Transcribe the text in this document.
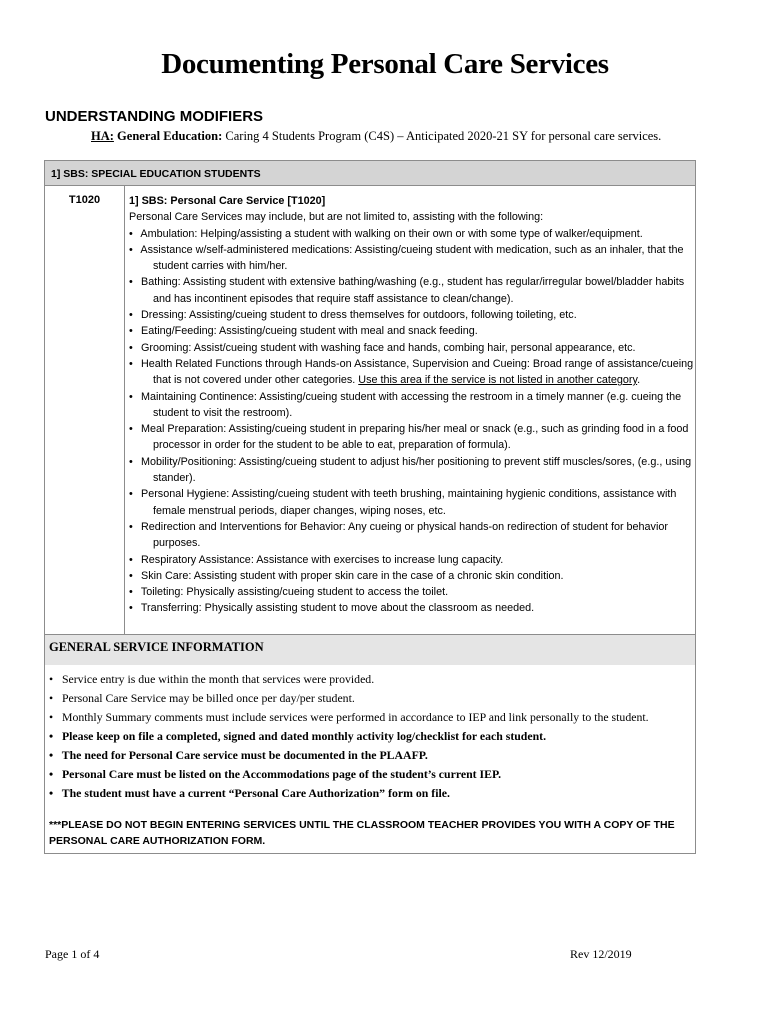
Documenting Personal Care Services
UNDERSTANDING MODIFIERS
HA: General Education: Caring 4 Students Program (C4S) – Anticipated 2020-21 SY for personal care services.
1] SBS: SPECIAL EDUCATION STUDENTS
T1020	1] SBS: Personal Care Service [T1020]
Personal Care Services may include, but are not limited to, assisting with the following:
• Ambulation: Helping/assisting a student with walking on their own or with some type of walker/equipment.
• Assistance w/self-administered medications: Assisting/cueing student with medication, such as an inhaler, that the student carries with him/her.
• Bathing: Assisting student with extensive bathing/washing (e.g., student has regular/irregular bowel/bladder habits and has incontinent episodes that require staff assistance to clean/change).
• Dressing: Assisting/cueing student to dress themselves for outdoors, following toileting, etc.
• Eating/Feeding: Assisting/cueing student with meal and snack feeding.
• Grooming: Assist/cueing student with washing face and hands, combing hair, personal appearance, etc.
• Health Related Functions through Hands-on Assistance, Supervision and Cueing: Broad range of assistance/cueing that is not covered under other categories. Use this area if the service is not listed in another category.
• Maintaining Continence: Assisting/cueing student with accessing the restroom in a timely manner (e.g. cueing the student to visit the restroom).
• Meal Preparation: Assisting/cueing student in preparing his/her meal or snack (e.g., such as grinding food in a food processor in order for the student to be able to eat, preparation of formula).
• Mobility/Positioning: Assisting/cueing student to adjust his/her positioning to prevent stiff muscles/sores, (e.g., using stander).
• Personal Hygiene: Assisting/cueing student with teeth brushing, maintaining hygienic conditions, assistance with female menstrual periods, diaper changes, wiping noses, etc.
• Redirection and Interventions for Behavior: Any cueing or physical hands-on redirection of student for behavior purposes.
• Respiratory Assistance: Assistance with exercises to increase lung capacity.
• Skin Care: Assisting student with proper skin care in the case of a chronic skin condition.
• Toileting: Physically assisting/cueing student to access the toilet.
• Transferring: Physically assisting student to move about the classroom as needed.
GENERAL SERVICE INFORMATION
• Service entry is due within the month that services were provided.
• Personal Care Service may be billed once per day/per student.
• Monthly Summary comments must include services were performed in accordance to IEP and link personally to the student.
• Please keep on file a completed, signed and dated monthly activity log/checklist for each student.
• The need for Personal Care service must be documented in the PLAAFP.
• Personal Care must be listed on the Accommodations page of the student’s current IEP.
• The student must have a current “Personal Care Authorization” form on file.
***PLEASE DO NOT BEGIN ENTERING SERVICES UNTIL THE CLASSROOM TEACHER PROVIDES YOU WITH A COPY OF THE PERSONAL CARE AUTHORIZATION FORM.
Page 1 of 4	Rev 12/2019
